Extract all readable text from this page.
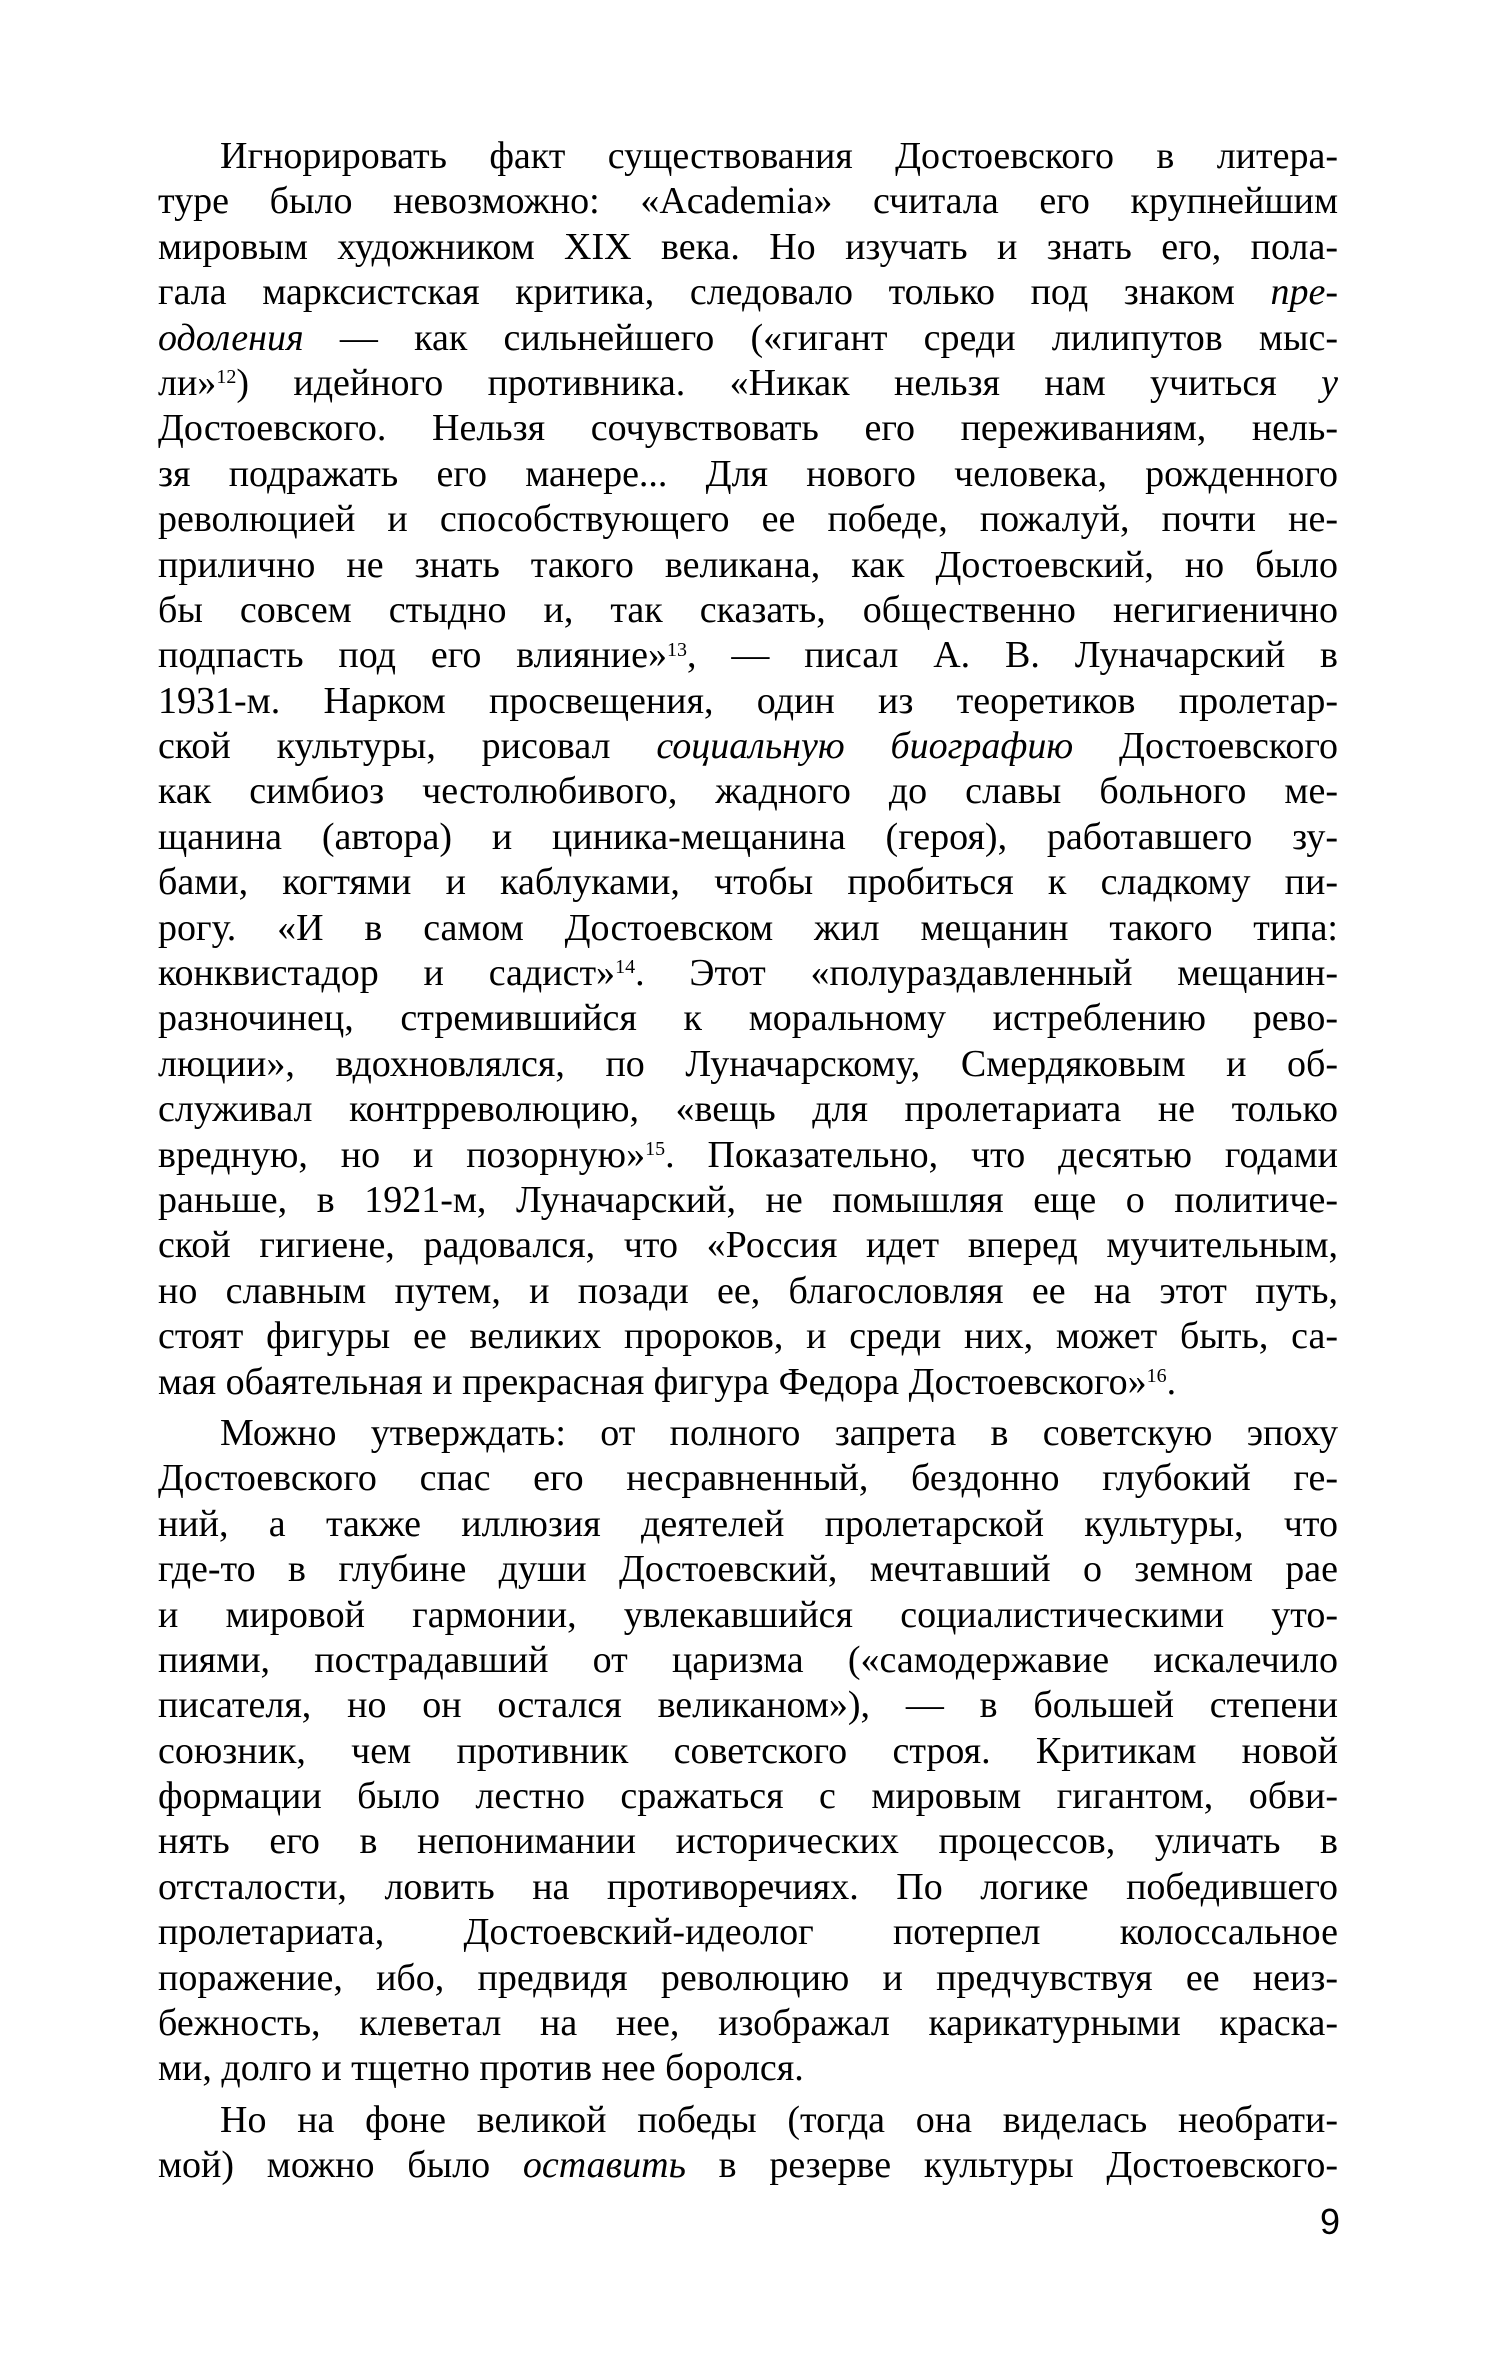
Игнорировать факт существования Достоевского в литера-
туре было невозможно: «Academia» считала его крупнейшим
мировым художником XIX века. Но изучать и знать его, пола-
гала марксистская критика, следовало только под знаком пре-
одоления — как сильнейшего («гигант среди лилипутов мыс-
ли»$^{12}$) идейного противника. «Никак нельзя нам учиться у
Достоевского. Нельзя сочувствовать его переживаниям, нель-
зя подражать его манере... Для нового человека, рожденного
революцией и способствующего ее победе, пожалуй, почти не-
прилично не знать такого великана, как Достоевский, но было
бы совсем стыдно и, так сказать, общественно негигиенично
подпасть под его влияние»$^{13}$, — писал А. В. Луначарский в
1931-м. Нарком просвещения, один из теоретиков пролетар-
ской культуры, рисовал социальную биографию Достоевского
как симбиоз честолюбивого, жадного до славы больного ме-
щанина (автора) и циника-мещанина (героя), работавшего зу-
бами, когтями и каблуками, чтобы пробиться к сладкому пи-
рогу. «И в самом Достоевском жил мещанин такого типа:
конквистадор и садист»$^{14}$. Этот «полураздавленный мещанин-
разночинец, стремившийся к моральному истреблению рево-
люции», вдохновлялся, по Луначарскому, Смердяковым и об-
служивал контрреволюцию, «вещь для пролетариата не только
вредную, но и позорную»$^{15}$. Показательно, что десятью годами
раньше, в 1921-м, Луначарский, не помышляя еще о политиче-
ской гигиене, радовался, что «Россия идет вперед мучительным,
но славным путем, и позади ее, благословляя ее на этот путь,
стоят фигуры ее великих пророков, и среди них, может быть, са-
мая обаятельная и прекрасная фигура Федора Достоевского»$^{16}$.
Можно утверждать: от полного запрета в советскую эпоху
Достоевского спас его несравненный, бездонно глубокий ге-
ний, а также иллюзия деятелей пролетарской культуры, что
где-то в глубине души Достоевский, мечтавший о земном рае
и мировой гармонии, увлекавшийся социалистическими уто-
пиями, пострадавший от царизма («самодержавие искалечило
писателя, но он остался великаном»), — в большей степени
союзник, чем противник советского строя. Критикам новой
формации было лестно сражаться с мировым гигантом, обви-
нять его в непонимании исторических процессов, уличать в
отсталости, ловить на противоречиях. По логике победившего
пролетариата, Достоевский-идеолог потерпел колоссальное
поражение, ибо, предвидя революцию и предчувствуя ее неиз-
бежность, клеветал на нее, изображал карикатурными краска-
ми, долго и тщетно против нее боролся.
Но на фоне великой победы (тогда она виделась необрати-
мой) можно было оставить в резерве культуры Достоевского-
9
